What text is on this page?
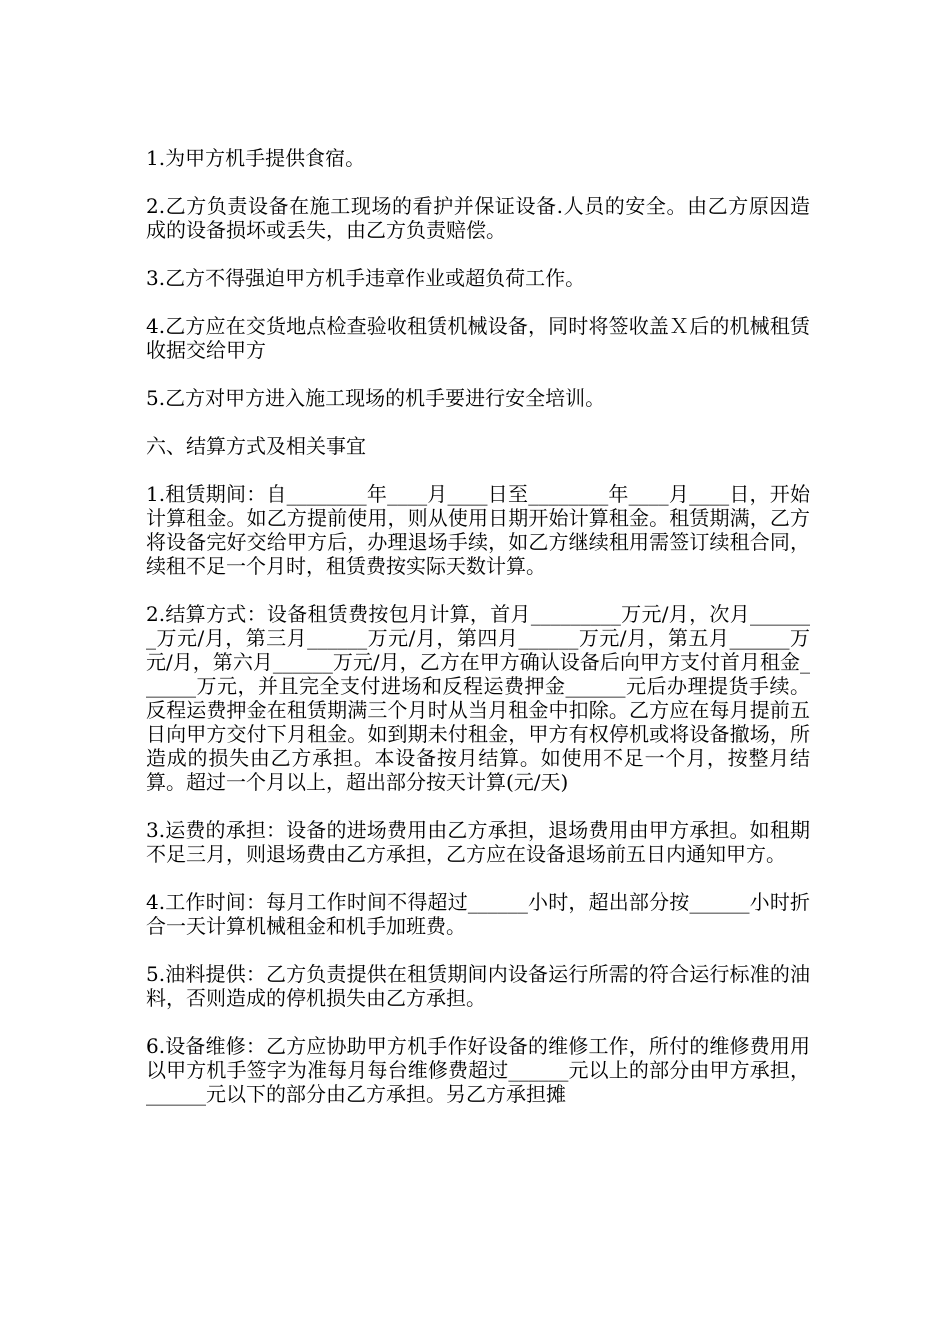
1.为甲方机手提供食宿。

2.乙方负责设备在施工现场的看护并保证设备.人员的安全。由乙方原因造成的设备损坏或丢失，由乙方负责赔偿。

3.乙方不得强迫甲方机手违章作业或超负荷工作。

4.乙方应在交货地点检查验收租赁机械设备，同时将签收盖Ｘ后的机械租赁收据交给甲方

5.乙方对甲方进入施工现场的机手要进行安全培训。

六、结算方式及相关事宜

1.租赁期间：自________年____月____日至________年____月____日，开始计算租金。如乙方提前使用，则从使用日期开始计算租金。租赁期满，乙方将设备完好交给甲方后，办理退场手续，如乙方继续租用需签订续租合同，续租不足一个月时，租赁费按实际天数计算。

2.结算方式：设备租赁费按包月计算，首月_________万元/月，次月_______万元/月，第三月______万元/月，第四月______万元/月，第五月______万元/月，第六月______万元/月，乙方在甲方确认设备后向甲方支付首月租金______万元，并且完全支付进场和反程运费押金______元后办理提货手续。反程运费押金在租赁期满三个月时从当月租金中扣除。乙方应在每月提前五日向甲方交付下月租金。如到期未付租金，甲方有权停机或将设备撤场，所造成的损失由乙方承担。本设备按月结算。如使用不足一个月，按整月结算。超过一个月以上，超出部分按天计算(元/天)

3.运费的承担：设备的进场费用由乙方承担，退场费用由甲方承担。如租期不足三月，则退场费由乙方承担，乙方应在设备退场前五日内通知甲方。

4.工作时间：每月工作时间不得超过______小时，超出部分按______小时折合一天计算机械租金和机手加班费。

5.油料提供：乙方负责提供在租赁期间内设备运行所需的符合运行标准的油料，否则造成的停机损失由乙方承担。

6.设备维修：乙方应协助甲方机手作好设备的维修工作，所付的维修费用用以甲方机手签字为准每月每台维修费超过______元以上的部分由甲方承担，______元以下的部分由乙方承担。另乙方承担摊
